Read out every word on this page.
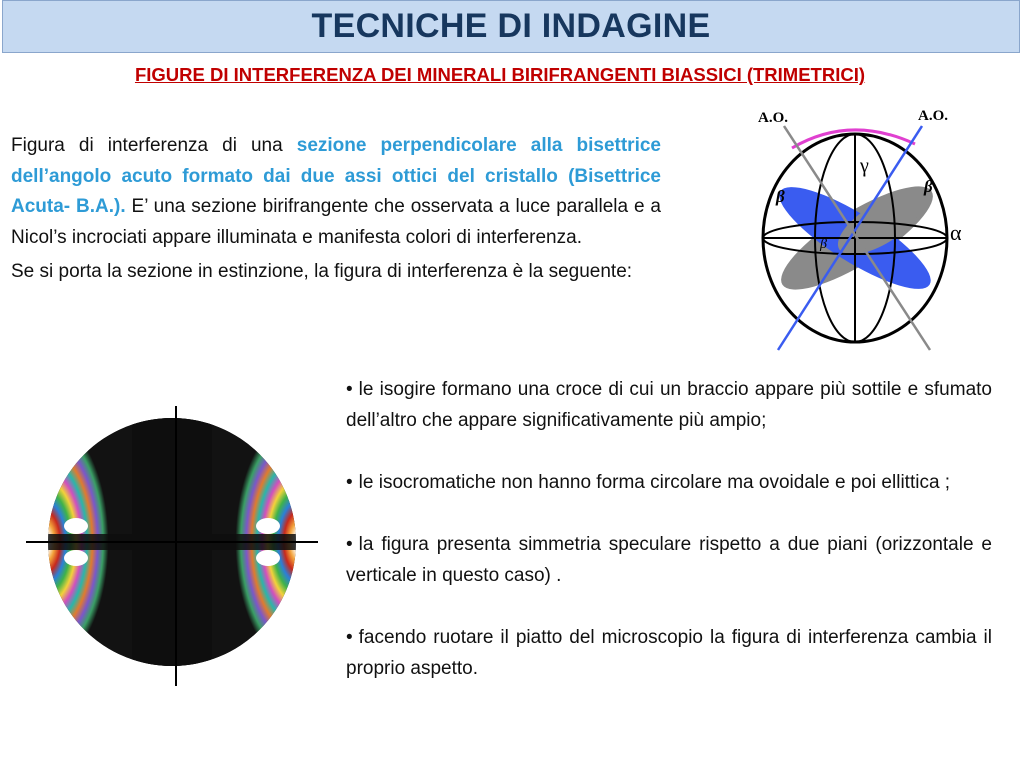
TECNICHE DI INDAGINE
FIGURE DI INTERFERENZA DEI MINERALI BIRIFRANGENTI BIASSICI (TRIMETRICI)

Figura di interferenza di una sezione perpendicolare alla bisettrice dell’angolo acuto formato dai due assi ottici del cristallo (Bisettrice Acuta- B.A.). E’ una sezione birifrangente che osservata a luce parallela e a Nicol’s incrociati appare illuminata e manifesta colori di interferenza.

Se si porta la sezione in estinzione, la figura di interferenza è la seguente:

A.O.	A.O.
γ
β
β
β	α
• le isogire formano una croce di cui un braccio appare più sottile e sfumato dell’altro che appare significativamente più ampio;
• le isocromatiche non hanno forma circolare ma ovoidale e poi ellittica ;
• la figura presenta simmetria speculare rispetto a due piani (orizzontale e verticale in questo caso) .
• facendo ruotare il piatto del microscopio la figura di interferenza cambia il proprio aspetto.
